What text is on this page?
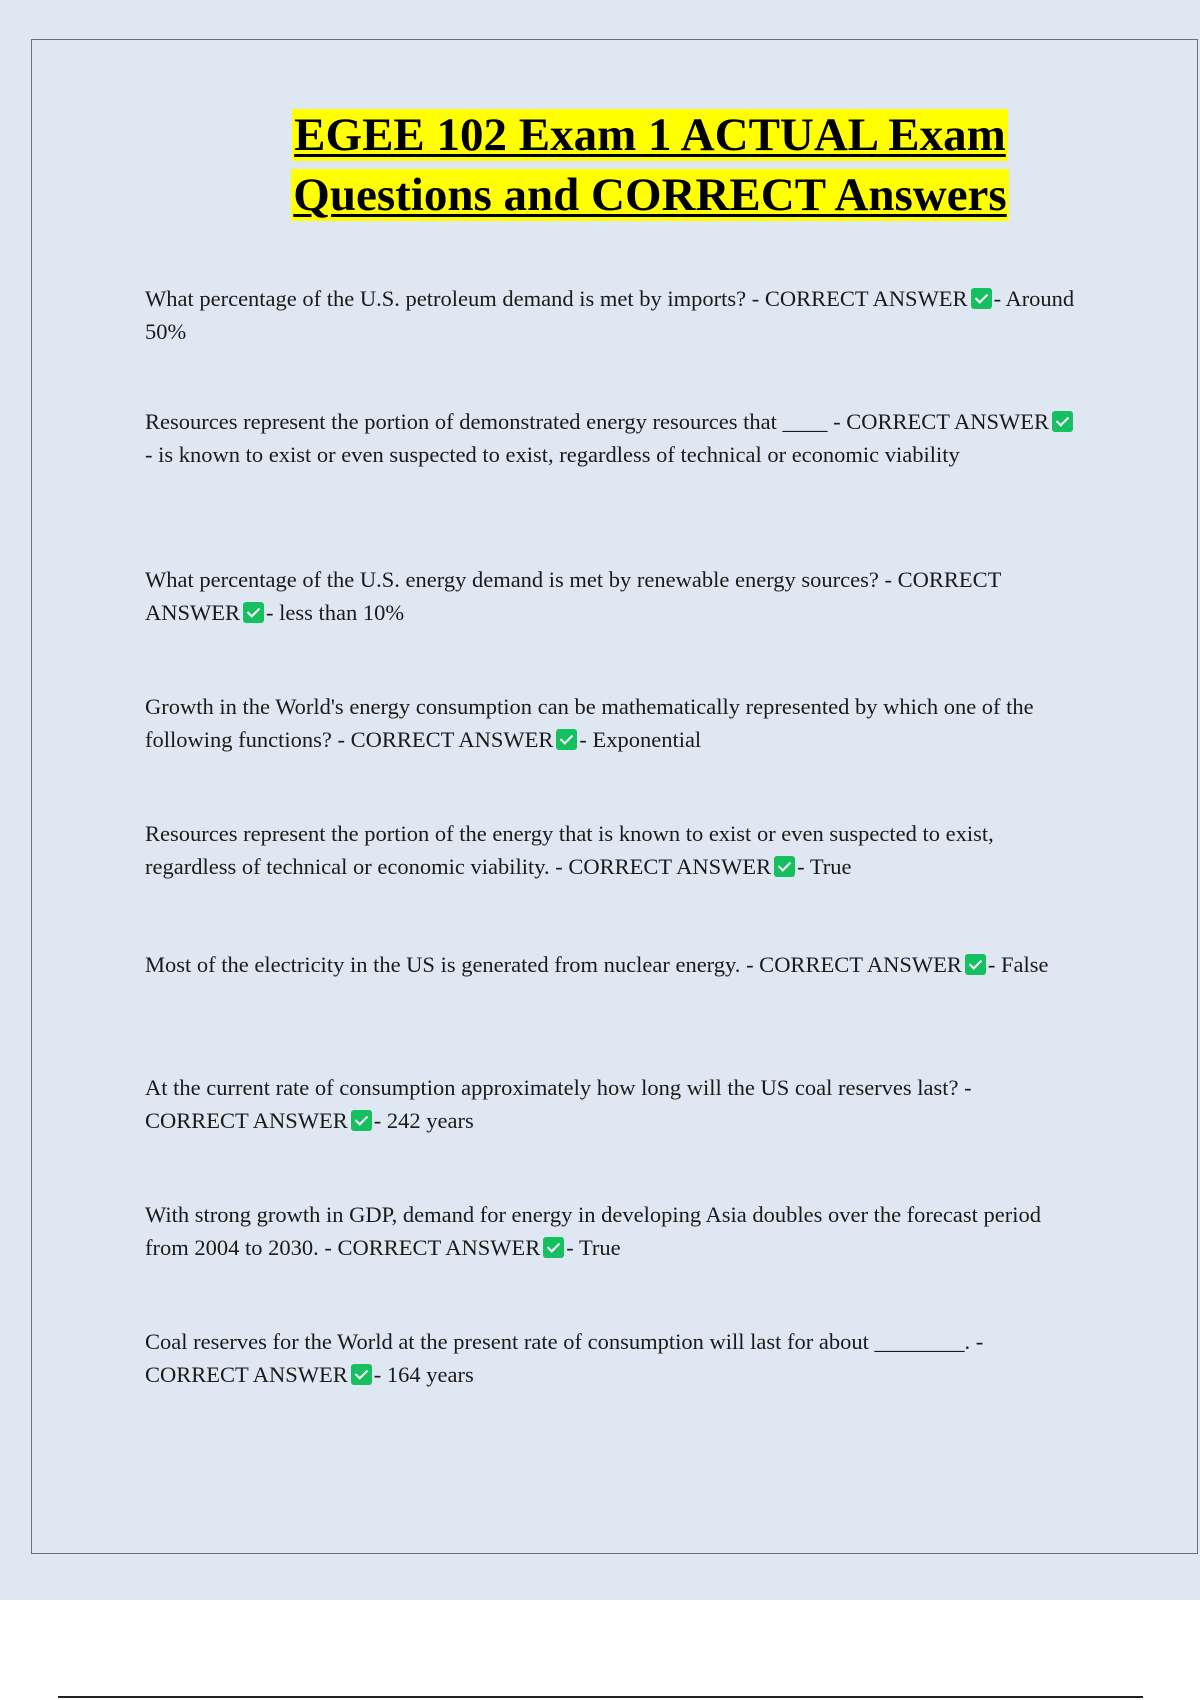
EGEE 102 Exam 1 ACTUAL Exam
Questions and CORRECT Answers
What percentage of the U.S. petroleum demand is met by imports? - CORRECT ANSWER - Around 50%
Resources represent the portion of demonstrated energy resources that ____ - CORRECT ANSWER- is known to exist or even suspected to exist, regardless of technical or economic viability
What percentage of the U.S. energy demand is met by renewable energy sources? - CORRECT ANSWER - less than 10%
Growth in the World's energy consumption can be mathematically represented by which one of the following functions? - CORRECT ANSWER - Exponential
Resources represent the portion of the energy that is known to exist or even suspected to exist, regardless of technical or economic viability. - CORRECT ANSWER - True
Most of the electricity in the US is generated from nuclear energy. - CORRECT ANSWER - False
At the current rate of consumption approximately how long will the US coal reserves last? - CORRECT ANSWER - 242 years
With strong growth in GDP, demand for energy in developing Asia doubles over the forecast period from 2004 to 2030. - CORRECT ANSWER - True
Coal reserves for the World at the present rate of consumption will last for about ________. - CORRECT ANSWER - 164 years
